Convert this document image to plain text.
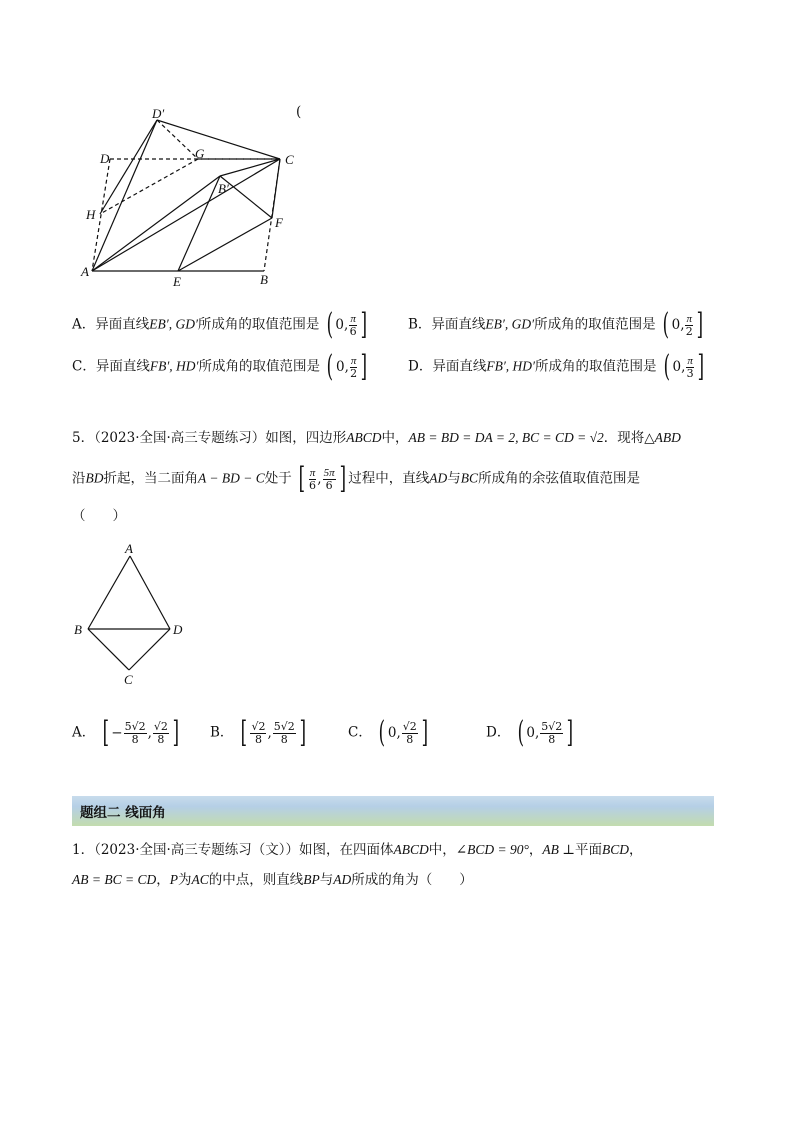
(
D′
D	G	C
B′
H
F
A
E	B
A．异面直线EB′, GD′所成角的取值范围是 ( 0 , $\frac{\pi}{6}$ ]	B．异面直线EB′, GD′所成角的取值范围是 ( 0 , $\frac{\pi}{2}$ ]
C．异面直线FB′, HD′所成角的取值范围是 ( 0 , $\frac{\pi}{2}$ ]	D．异面直线FB′, HD′所成角的取值范围是 ( 0 , $\frac{\pi}{3}$ ]
5．（2023·全国·高三专题练习）如图，四边形ABCD中，AB = BD = DA = 2, BC = CD = √2．现将△ABD
沿BD折起，当二面角A − BD − C处于 [ $\frac{\pi}{6}$ , $\frac{5\pi}{6}$ ] 过程中，直线AD与BC所成角的余弦值取值范围是
（　　）
A
B	D
C
A． [ − $\frac{5√2}{8}$ , $\frac{√2}{8}$ ] B． [ $\frac{√2}{8}$ , $\frac{5√2}{8}$ ]	C． ( 0 , $\frac{√2}{8}$ ]	D． ( 0 , $\frac{5√2}{8}$ ]
题组二 线面角
1．（2023·全国·高三专题练习（文））如图，在四面体ABCD中，∠BCD = 90°，AB ⊥平面BCD，
AB = BC = CD，P为AC的中点，则直线BP与AD所成的角为（　　）
